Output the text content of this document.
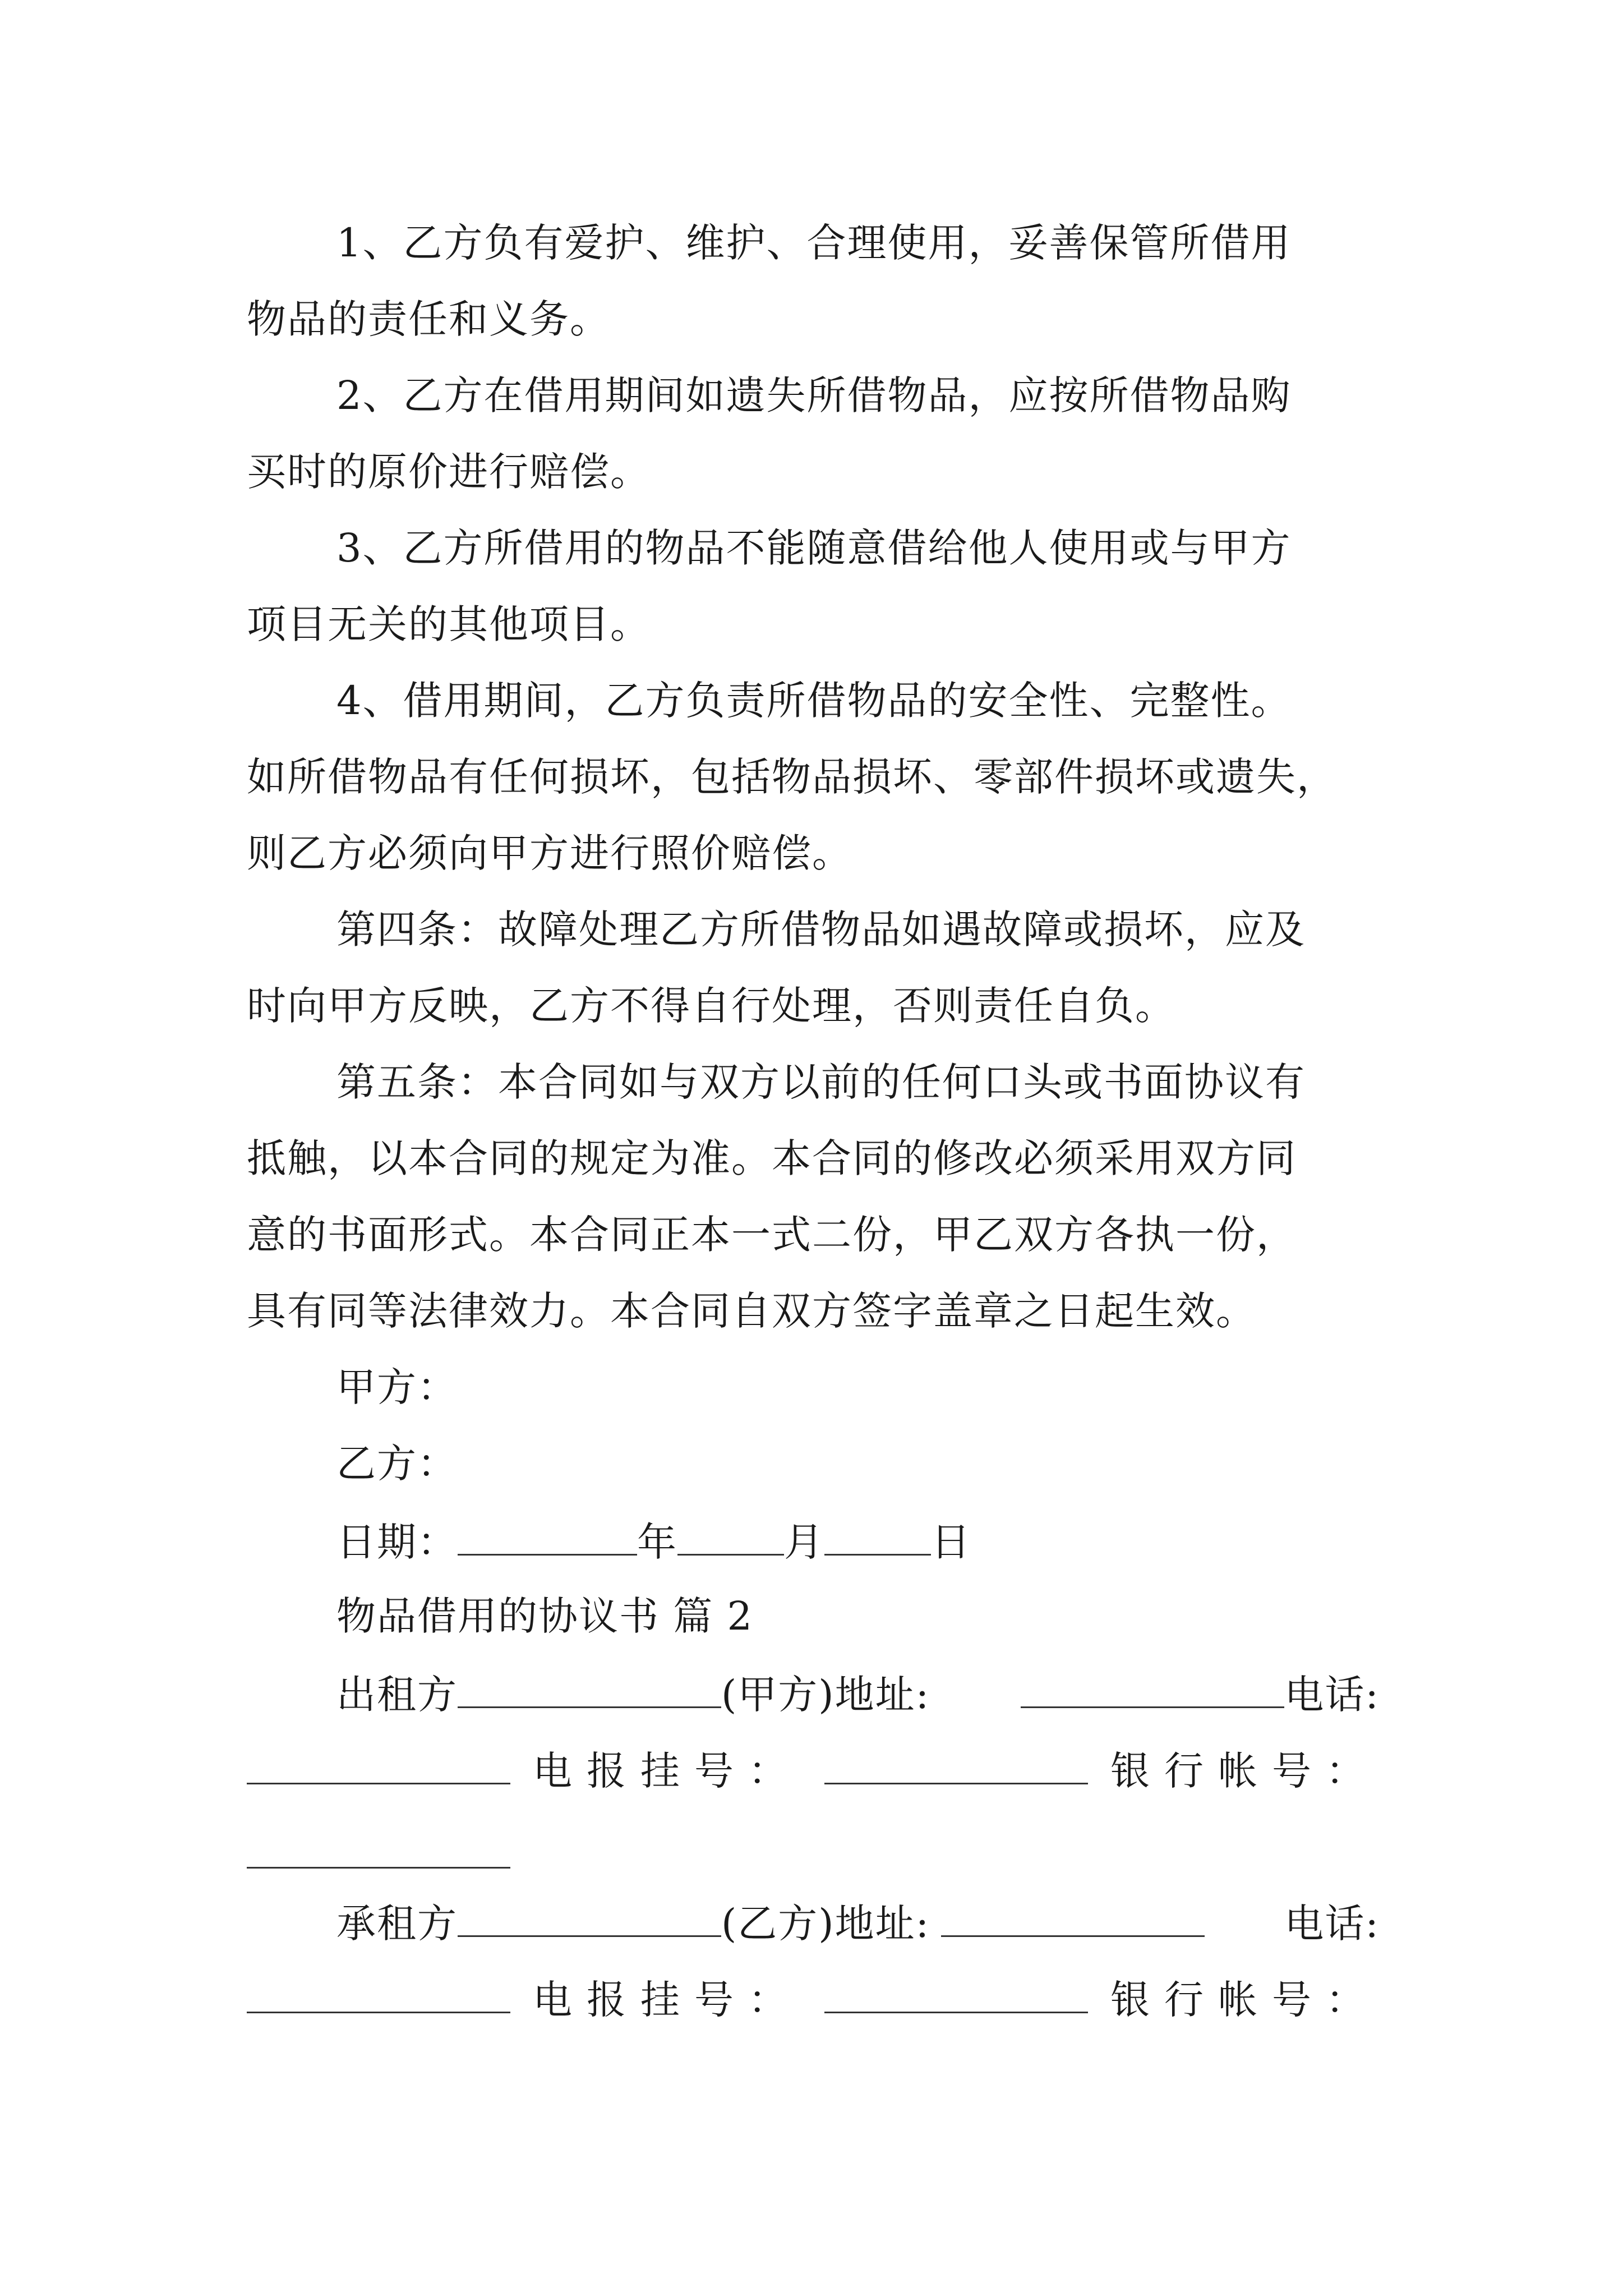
1、乙方负有爱护、维护、合理使用，妥善保管所借用
物品的责任和义务。
2、乙方在借用期间如遗失所借物品，应按所借物品购
买时的原价进行赔偿。
3、乙方所借用的物品不能随意借给他人使用或与甲方
项目无关的其他项目。
4、借用期间，乙方负责所借物品的安全性、完整性。
如所借物品有任何损坏，包括物品损坏、零部件损坏或遗失，
则乙方必须向甲方进行照价赔偿。
第四条：故障处理乙方所借物品如遇故障或损坏，应及
时向甲方反映，乙方不得自行处理，否则责任自负。
第五条：本合同如与双方以前的任何口头或书面协议有
抵触，以本合同的规定为准。本合同的修改必须采用双方同
意的书面形式。本合同正本一式二份，甲乙双方各执一份，
具有同等法律效力。本合同自双方签字盖章之日起生效。
甲方：
乙方：
日期：	年	月	日
物品借用的协议书 篇 2
出租方	(甲方)地址:	电话:
电报挂号：	银行帐号：
承租方	(乙方)地址:	电话:
电报挂号：	银行帐号：
